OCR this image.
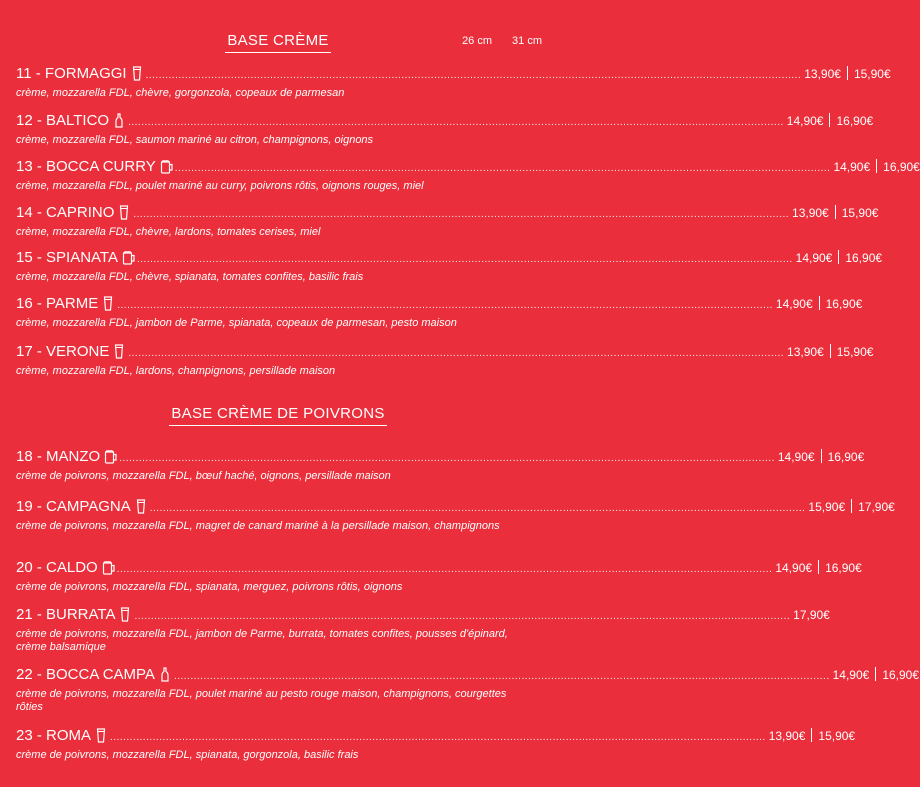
BASE CRÈME	26 cm 31 cm
BASE CRÈME DE POIVRONS
11 - FORMAGGI ........................................................................................................................................................................................................ 13,90€ 15,90€
crème, mozzarella FDL, chèvre, gorgonzola, copeaux de parmesan
12 - BALTICO ........................................................................................................................................................................................................ 14,90€ 16,90€
crème, mozzarella FDL, saumon mariné au citron, champignons, oignons
13 - BOCCA CURRY ........................................................................................................................................................................................................ 14,90€ 16,90€
crème, mozzarella FDL, poulet mariné au curry, poivrons rôtis, oignons rouges, miel
14 - CAPRINO ........................................................................................................................................................................................................ 13,90€ 15,90€
crème, mozzarella FDL, chèvre, lardons, tomates cerises, miel
15 - SPIANATA ........................................................................................................................................................................................................ 14,90€ 16,90€
crème, mozzarella FDL, chèvre, spianata, tomates confites, basilic frais
16 - PARME ........................................................................................................................................................................................................ 14,90€ 16,90€
crème, mozzarella FDL, jambon de Parme, spianata, copeaux de parmesan, pesto maison
17 - VERONE ........................................................................................................................................................................................................ 13,90€ 15,90€
crème, mozzarella FDL, lardons, champignons, persillade maison
18 - MANZO ........................................................................................................................................................................................................ 14,90€ 16,90€
crème de poivrons, mozzarella FDL, bœuf haché, oignons, persillade maison
19 - CAMPAGNA ........................................................................................................................................................................................................ 15,90€ 17,90€
crème de poivrons, mozzarella FDL, magret de canard mariné à la persillade maison, champignons
20 - CALDO ........................................................................................................................................................................................................ 14,90€ 16,90€
crème de poivrons, mozzarella FDL, spianata, merguez, poivrons rôtis, oignons
21 - BURRATA ........................................................................................................................................................................................................ 17,90€
crème de poivrons, mozzarella FDL, jambon de Parme, burrata, tomates confites, pousses d'épinard, crème balsamique
22 - BOCCA CAMPA ........................................................................................................................................................................................................ 14,90€ 16,90€
crème de poivrons, mozzarella FDL, poulet mariné au pesto rouge maison, champignons, courgettes rôties
23 - ROMA ........................................................................................................................................................................................................ 13,90€ 15,90€
crème de poivrons, mozzarella FDL, spianata, gorgonzola, basilic frais
